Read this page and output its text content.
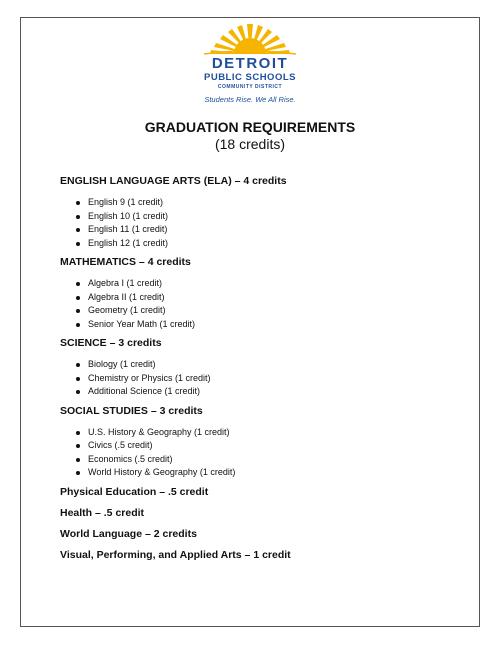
DETROIT
PUBLIC SCHOOLS
COMMUNITY DISTRICT
Students Rise. We All Rise.
GRADUATION REQUIREMENTS
(18 credits)
ENGLISH LANGUAGE ARTS (ELA) – 4 credits
English 9 (1 credit)
English 10 (1 credit)
English 11 (1 credit)
English 12 (1 credit)
MATHEMATICS – 4 credits
Algebra I (1 credit)
Algebra II (1 credit)
Geometry (1 credit)
Senior Year Math (1 credit)
SCIENCE – 3 credits
Biology (1 credit)
Chemistry or Physics (1 credit)
Additional Science (1 credit)
SOCIAL STUDIES – 3 credits
U.S. History & Geography (1 credit)
Civics (.5 credit)
Economics (.5 credit)
World History & Geography (1 credit)
Physical Education – .5 credit
Health – .5 credit
World Language – 2 credits
Visual, Performing, and Applied Arts – 1 credit
